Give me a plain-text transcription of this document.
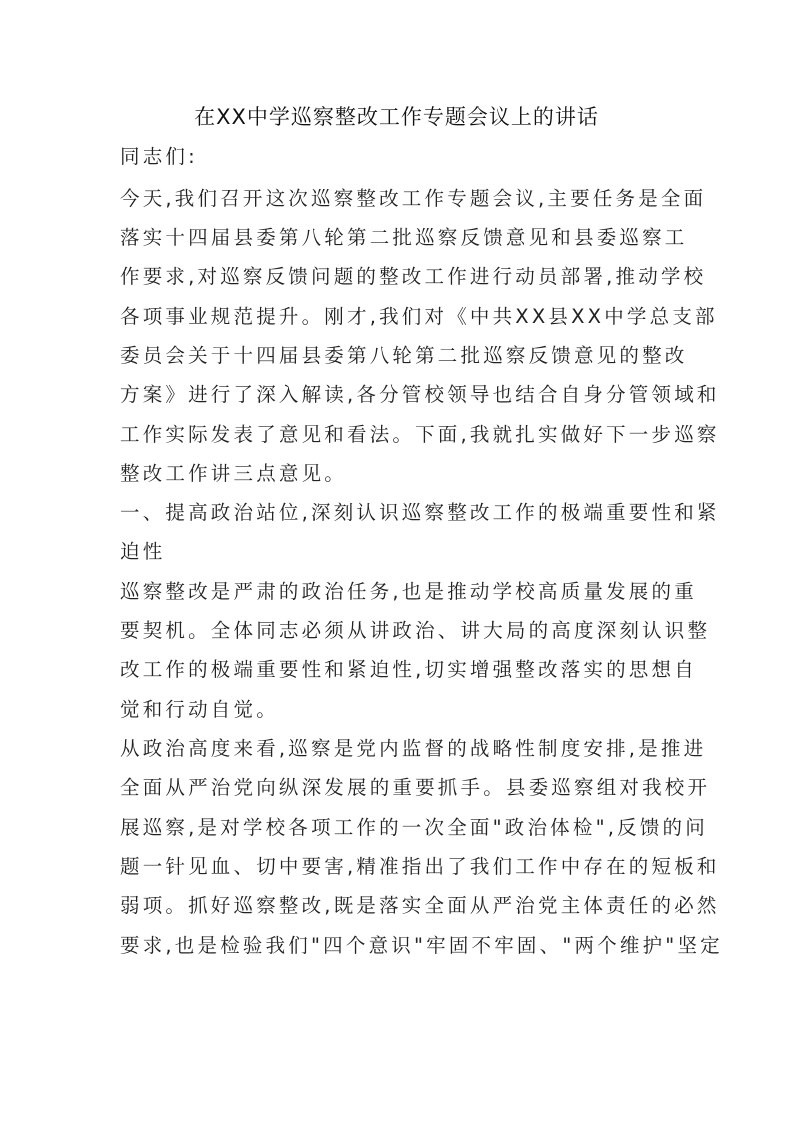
在XX中学巡察整改工作专题会议上的讲话
同志们:
今天,我们召开这次巡察整改工作专题会议,主要任务是全面
落实十四届县委第八轮第二批巡察反馈意见和县委巡察工
作要求,对巡察反馈问题的整改工作进行动员部署,推动学校
各项事业规范提升。刚才,我们对《中共XX县XX中学总支部
委员会关于十四届县委第八轮第二批巡察反馈意见的整改
方案》进行了深入解读,各分管校领导也结合自身分管领域和
工作实际发表了意见和看法。下面,我就扎实做好下一步巡察
整改工作讲三点意见。
一、提高政治站位,深刻认识巡察整改工作的极端重要性和紧
迫性
巡察整改是严肃的政治任务,也是推动学校高质量发展的重
要契机。全体同志必须从讲政治、讲大局的高度深刻认识整
改工作的极端重要性和紧迫性,切实增强整改落实的思想自
觉和行动自觉。
从政治高度来看,巡察是党内监督的战略性制度安排,是推进
全面从严治党向纵深发展的重要抓手。县委巡察组对我校开
展巡察,是对学校各项工作的一次全面"政治体检",反馈的问
题一针见血、切中要害,精准指出了我们工作中存在的短板和
弱项。抓好巡察整改,既是落实全面从严治党主体责任的必然
要求,也是检验我们"四个意识"牢固不牢固、"两个维护"坚定
